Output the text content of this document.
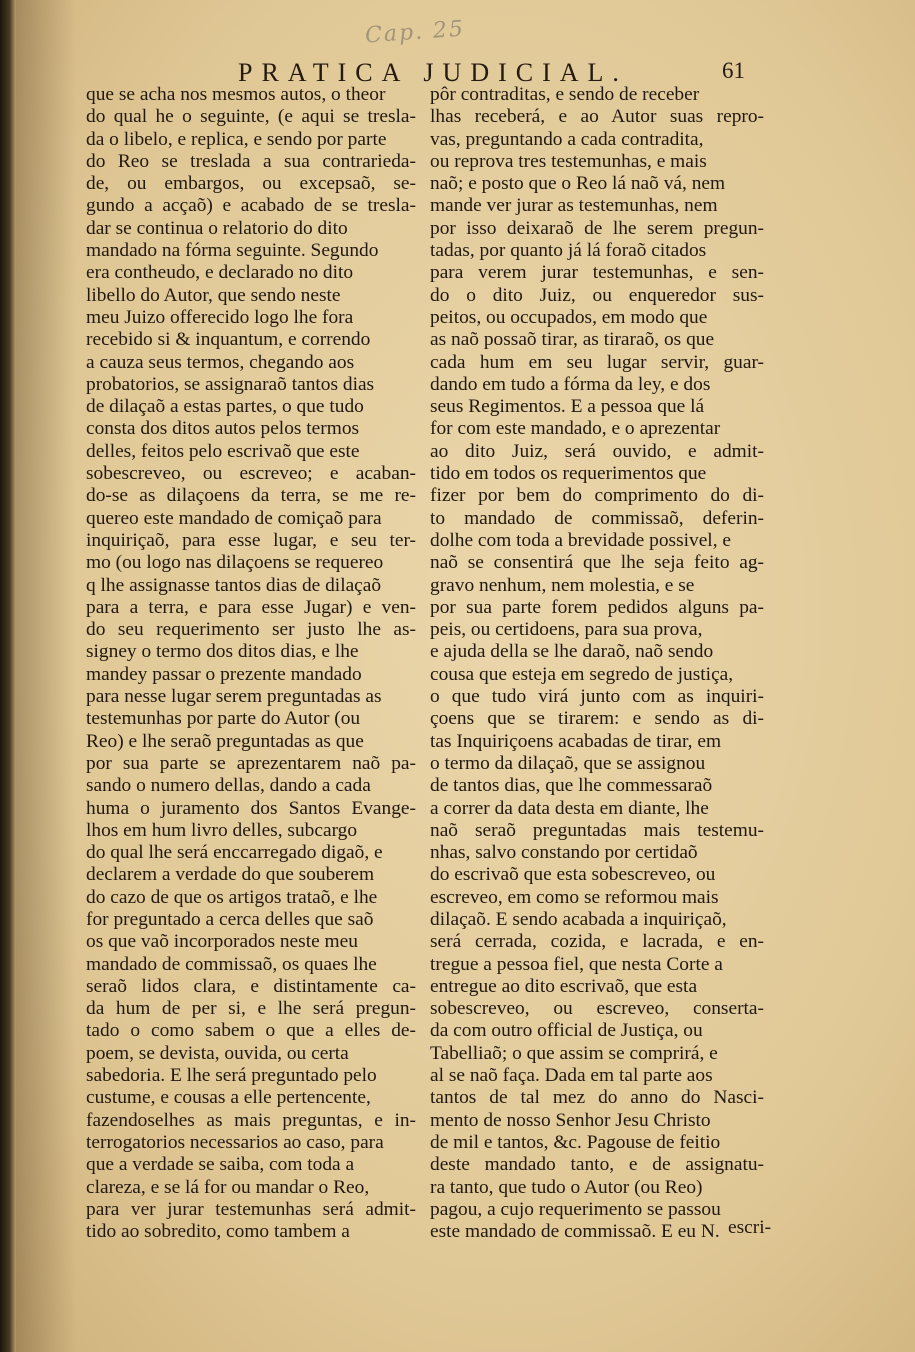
Cap. 25
PRATICA JUDICIAL.	61
que se acha nos mesmos autos, o theor
do qual he o seguinte, (e aqui se tresla-
da o libelo, e replica, e sendo por parte
do Reo se treslada a sua contrarieda-
de, ou embargos, ou excepsaõ, se-
gundo a acçaõ) e acabado de se tresla-
dar se continua o relatorio do dito
mandado na fórma seguinte. Segundo
era contheudo, e declarado no dito
libello do Autor, que sendo neste
meu Juizo offerecido logo lhe fora
recebido si & inquantum, e correndo
a cauza seus termos, chegando aos
probatorios, se assignaraõ tantos dias
de dilaçaõ a estas partes, o que tudo
consta dos ditos autos pelos termos
delles, feitos pelo escrivaõ que este
sobescreveo, ou escreveo; e acaban-
do-se as dilaçoens da terra, se me re-
quereo este mandado de comiçaõ para
inquiriçaõ, para esse lugar, e seu ter-
mo (ou logo nas dilaçoens se requereo
q lhe assignasse tantos dias de dilaçaõ
para a terra, e para esse Jugar) e ven-
do seu requerimento ser justo lhe as-
signey o termo dos ditos dias, e lhe
mandey passar o prezente mandado
para nesse lugar serem preguntadas as
testemunhas por parte do Autor (ou
Reo) e lhe seraõ preguntadas as que
por sua parte se aprezentarem naõ pa-
sando o numero dellas, dando a cada
huma o juramento dos Santos Evange-
lhos em hum livro delles, subcargo
do qual lhe será enccarregado digaõ, e
declarem a verdade do que souberem
do cazo de que os artigos trataõ, e lhe
for preguntado a cerca delles que saõ
os que vaõ incorporados neste meu
mandado de commissaõ, os quaes lhe
seraõ lidos clara, e distintamente ca-
da hum de per si, e lhe será pregun-
tado o como sabem o que a elles de-
poem, se devista, ouvida, ou certa
sabedoria. E lhe será preguntado pelo
custume, e cousas a elle pertencente,
fazendoselhes as mais preguntas, e in-
terrogatorios necessarios ao caso, para
que a verdade se saiba, com toda a
clareza, e se lá for ou mandar o Reo,
para ver jurar testemunhas será admit-
tido ao sobredito, como tambem a
pôr contraditas, e sendo de receber
lhas receberá, e ao Autor suas repro-
vas, preguntando a cada contradita,
ou reprova tres testemunhas, e mais
naõ; e posto que o Reo lá naõ vá, nem
mande ver jurar as testemunhas, nem
por isso deixaraõ de lhe serem pregun-
tadas, por quanto já lá foraõ citados
para verem jurar testemunhas, e sen-
do o dito Juiz, ou enqueredor sus-
peitos, ou occupados, em modo que
as naõ possaõ tirar, as tiraraõ, os que
cada hum em seu lugar servir, guar-
dando em tudo a fórma da ley, e dos
seus Regimentos. E a pessoa que lá
for com este mandado, e o aprezentar
ao dito Juiz, será ouvido, e admit-
tido em todos os requerimentos que
fizer por bem do comprimento do di-
to mandado de commissaõ, deferin-
dolhe com toda a brevidade possivel, e
naõ se consentirá que lhe seja feito ag-
gravo nenhum, nem molestia, e se
por sua parte forem pedidos alguns pa-
peis, ou certidoens, para sua prova,
e ajuda della se lhe daraõ, naõ sendo
cousa que esteja em segredo de justiça,
o que tudo virá junto com as inquiri-
çoens que se tirarem: e sendo as di-
tas Inquiriçoens acabadas de tirar, em
o termo da dilaçaõ, que se assignou
de tantos dias, que lhe commessaraõ
a correr da data desta em diante, lhe
naõ seraõ preguntadas mais testemu-
nhas, salvo constando por certidaõ
do escrivaõ que esta sobescreveo, ou
escreveo, em como se reformou mais
dilaçaõ. E sendo acabada a inquiriçaõ,
será cerrada, cozida, e lacrada, e en-
tregue a pessoa fiel, que nesta Corte a
entregue ao dito escrivaõ, que esta
sobescreveo, ou escreveo, conserta-
da com outro official de Justiça, ou
Tabelliaõ; o que assim se comprirá, e
al se naõ faça. Dada em tal parte aos
tantos de tal mez do anno do Nasci-
mento de nosso Senhor Jesu Christo
de mil e tantos, &c. Pagouse de feitio
deste mandado tanto, e de assignatu-
ra tanto, que tudo o Autor (ou Reo)
pagou, a cujo requerimento se passou
este mandado de commissaõ. E eu N. escri-
